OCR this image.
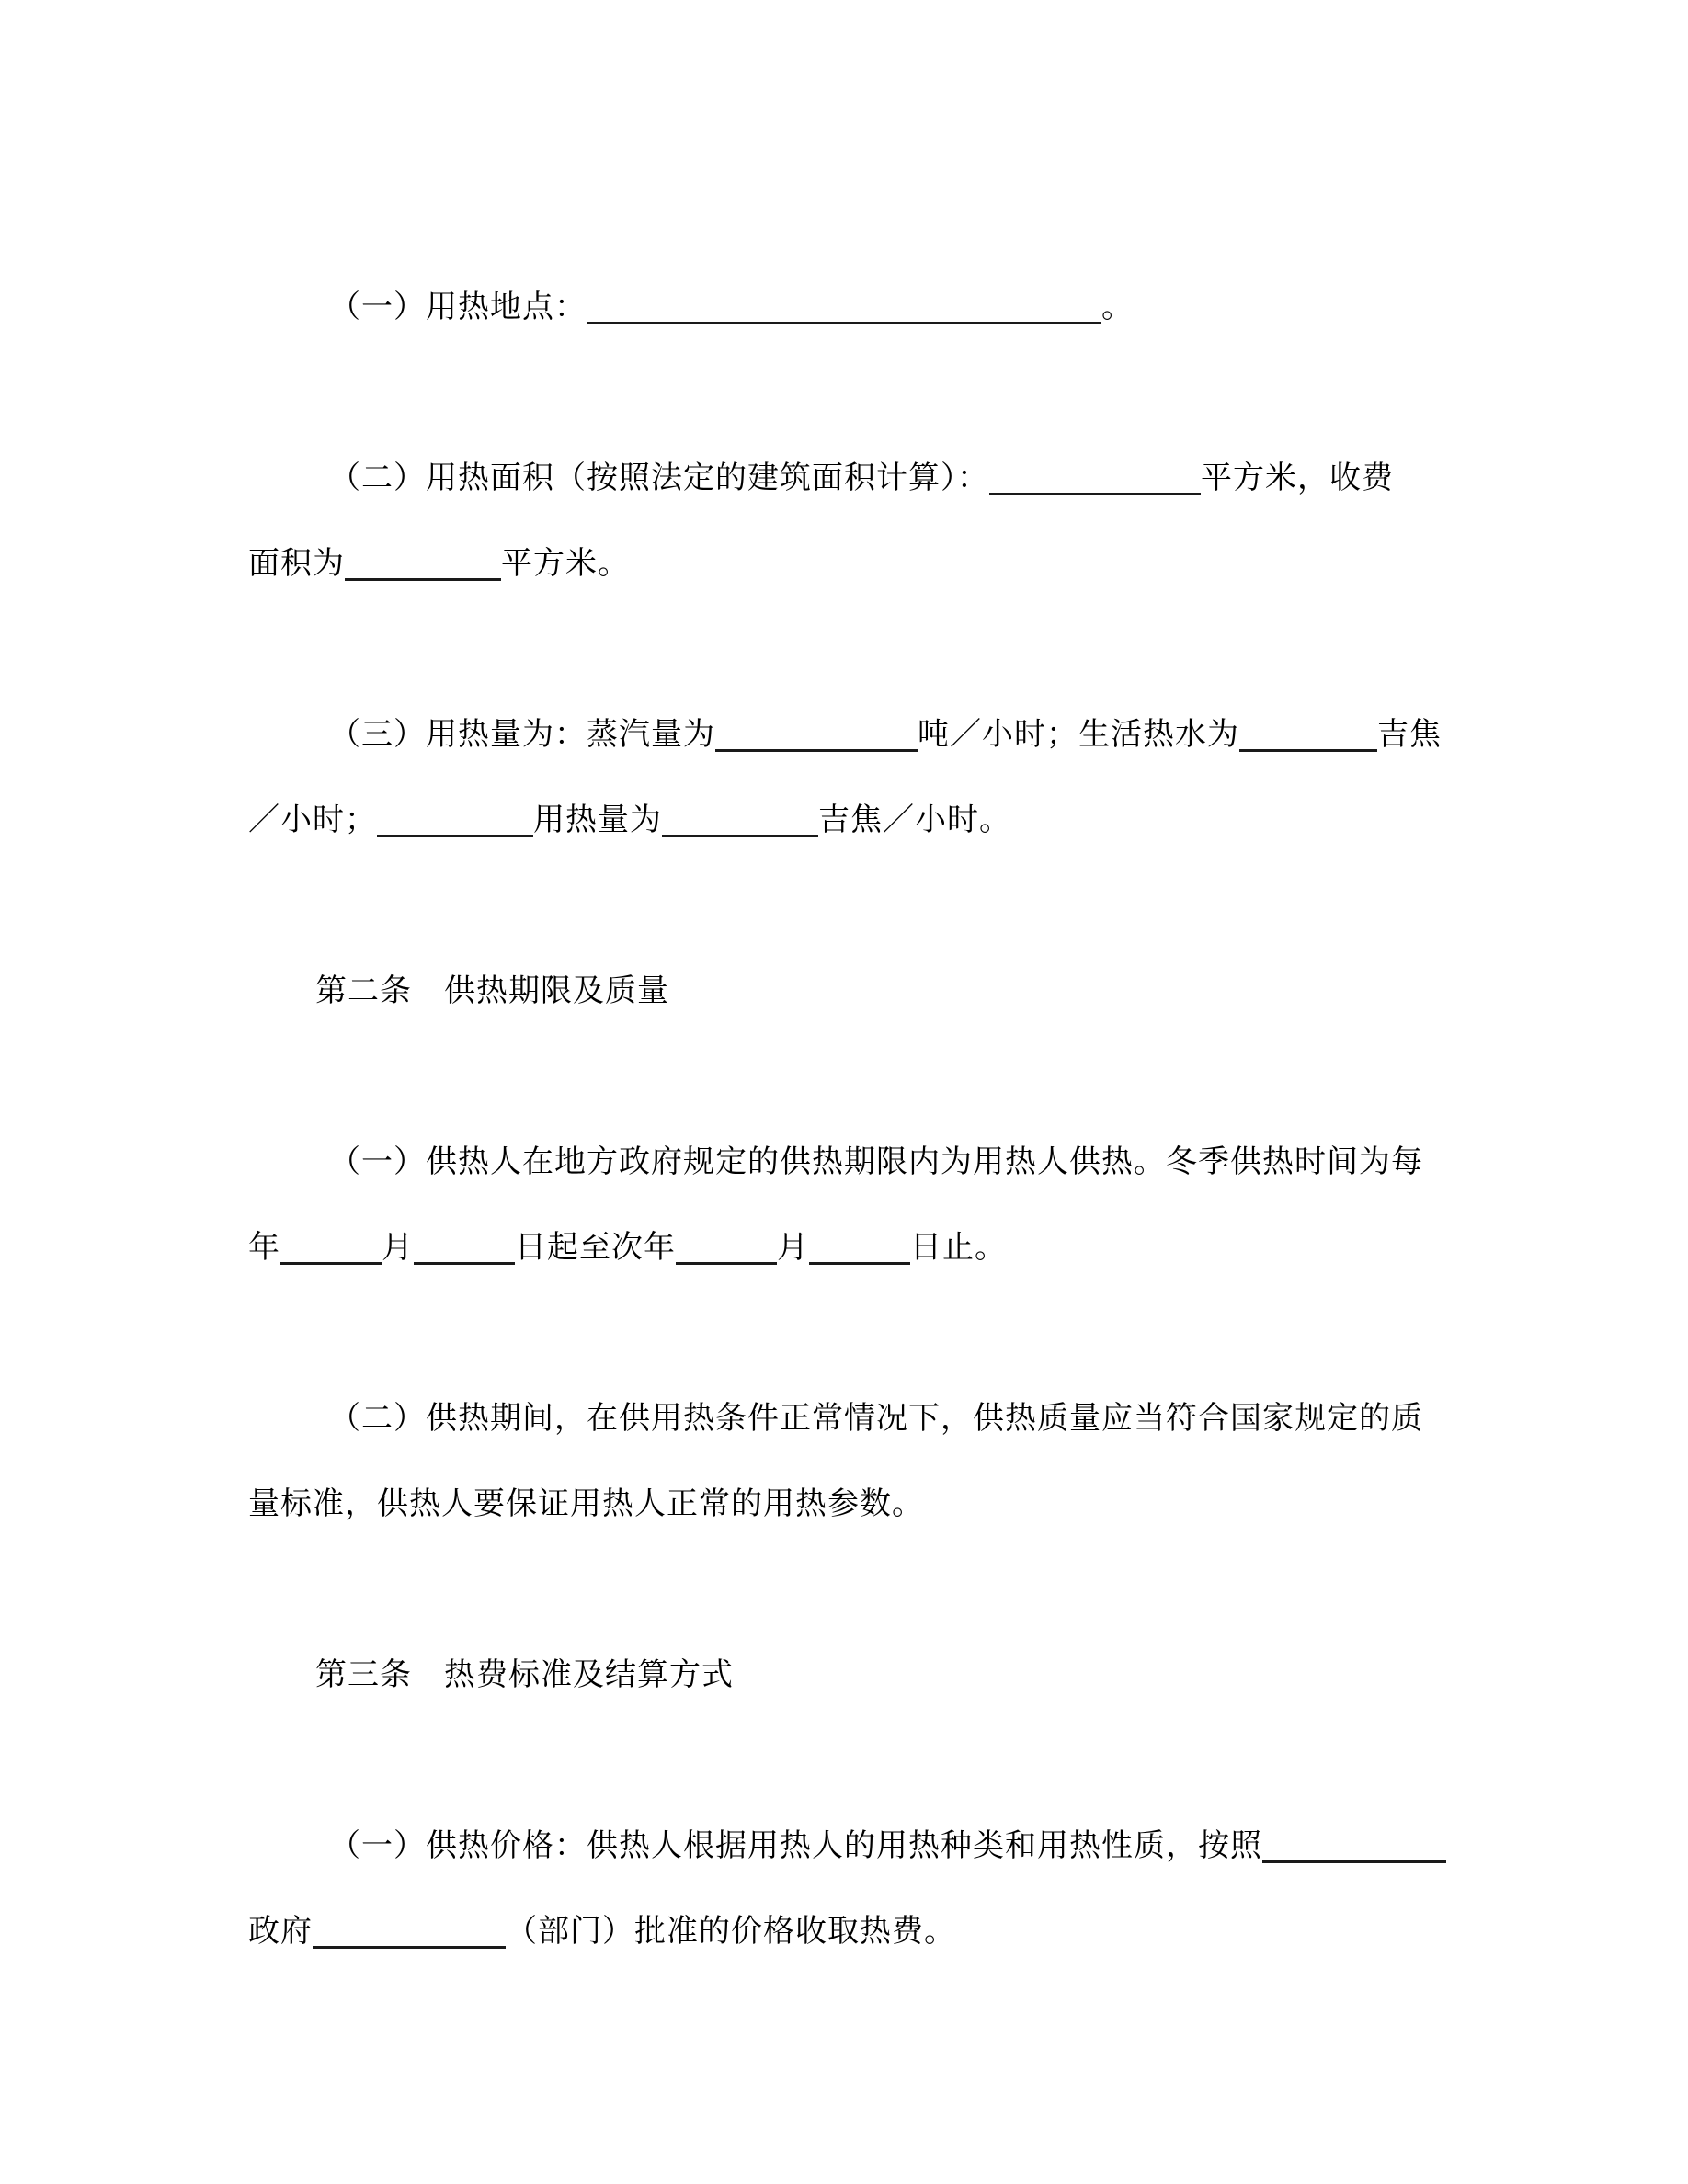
（一）用热地点：	。
（二）用热面积（按照法定的建筑面积计算）：	平方米，收费
面积为	平方米。
（三）用热量为：蒸汽量为	吨／小时；生活热水为	吉焦
／小时；	用热量为	吉焦／小时。
第二条　供热期限及质量
（一）供热人在地方政府规定的供热期限内为用热人供热。冬季供热时间为每
年	月	日起至次年	月	日止。
（二）供热期间，在供用热条件正常情况下，供热质量应当符合国家规定的质
量标准，供热人要保证用热人正常的用热参数。
第三条　热费标准及结算方式
（一）供热价格：供热人根据用热人的用热种类和用热性质，按照
政府	（部门）批准的价格收取热费。
